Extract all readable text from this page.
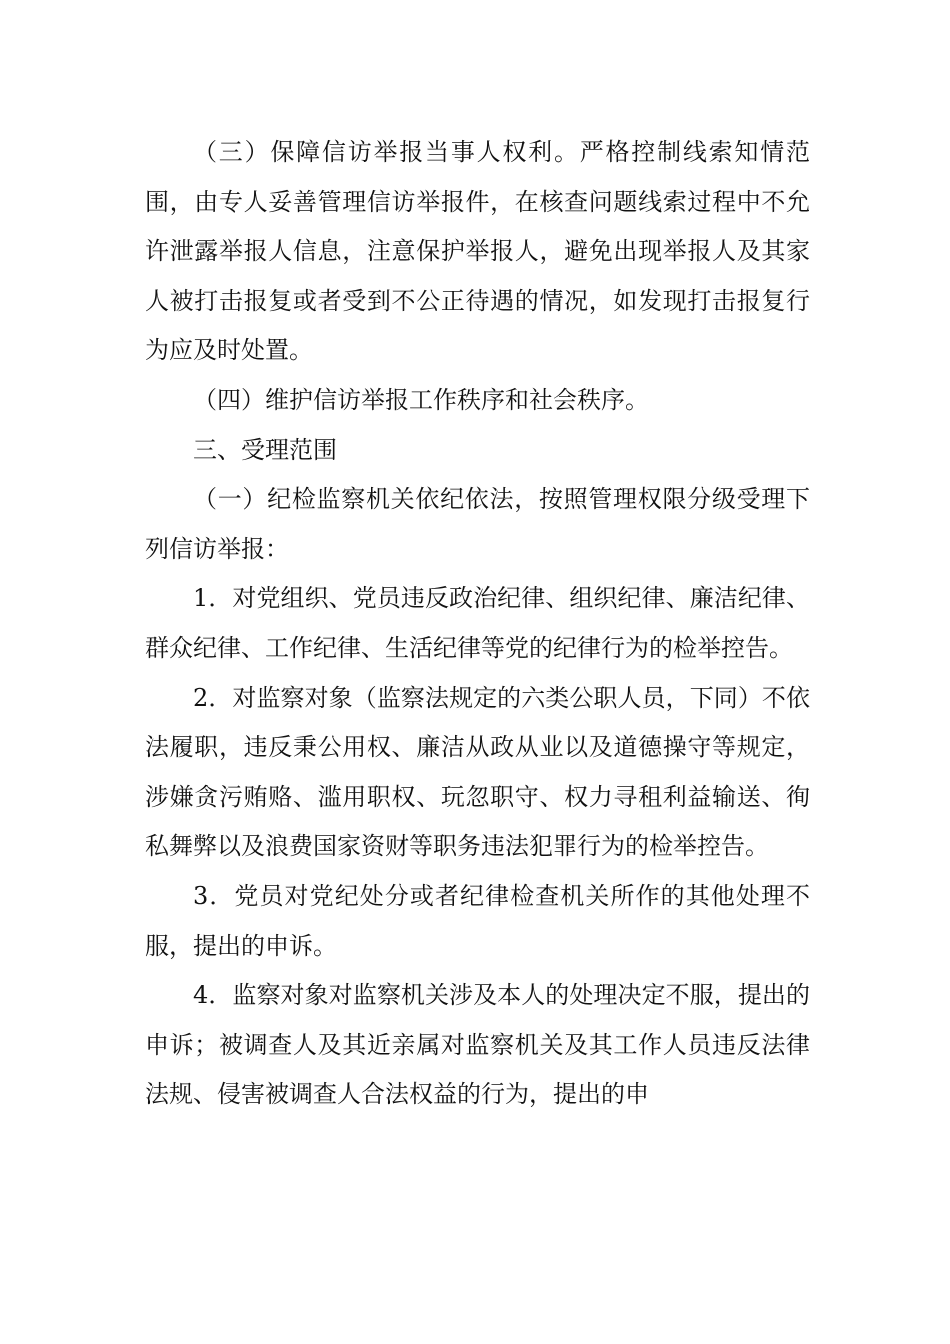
（三）保障信访举报当事人权利。严格控制线索知情范围，由专人妥善管理信访举报件，在核查问题线索过程中不允许泄露举报人信息，注意保护举报人，避免出现举报人及其家人被打击报复或者受到不公正待遇的情况，如发现打击报复行为应及时处置。

（四）维护信访举报工作秩序和社会秩序。

三、受理范围

（一）纪检监察机关依纪依法，按照管理权限分级受理下列信访举报：

1．对党组织、党员违反政治纪律、组织纪律、廉洁纪律、群众纪律、工作纪律、生活纪律等党的纪律行为的检举控告。

2．对监察对象（监察法规定的六类公职人员，下同）不依法履职，违反秉公用权、廉洁从政从业以及道德操守等规定，涉嫌贪污贿赂、滥用职权、玩忽职守、权力寻租利益输送、徇私舞弊以及浪费国家资财等职务违法犯罪行为的检举控告。

3．党员对党纪处分或者纪律检查机关所作的其他处理不服，提出的申诉。

4．监察对象对监察机关涉及本人的处理决定不服，提出的申诉；被调查人及其近亲属对监察机关及其工作人员违反法律法规、侵害被调查人合法权益的行为，提出的申
